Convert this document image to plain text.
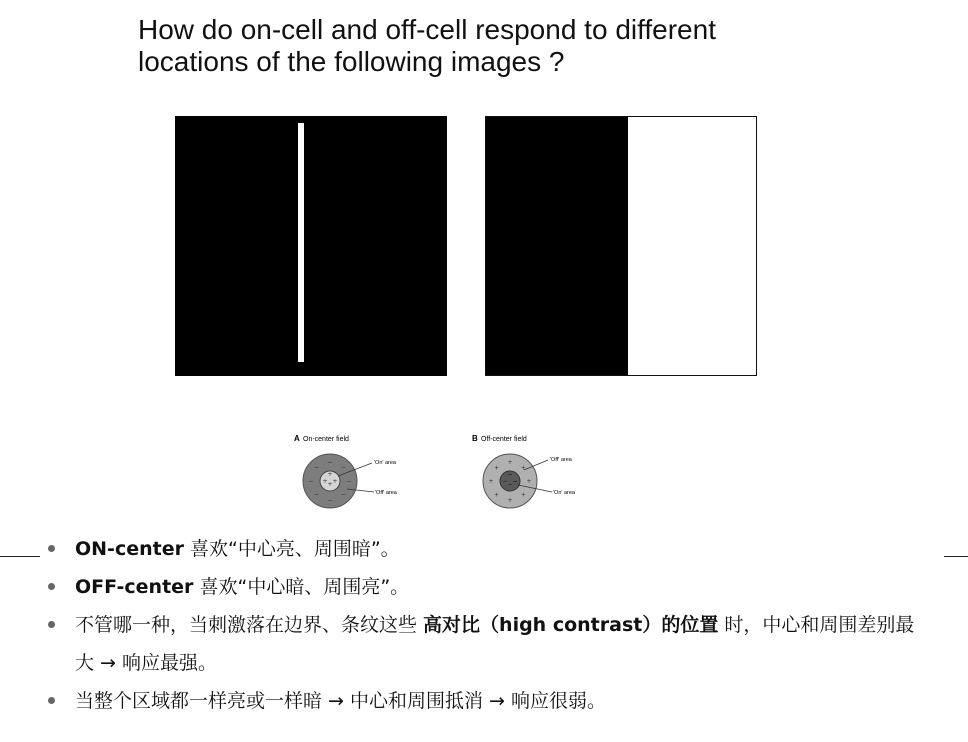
How do on-cell and off-cell respond to different
locations of the following images ?
A On-center field
+
+ +
+ −
−
−
−
−
−
−
−
'On' area
'Off' area
B Off-center field
−
− −
− +
+
+
+
+
+
+
+
'Off' area
'On' area
ON-center 喜欢“中心亮、周围暗”。
OFF-center 喜欢“中心暗、周围亮”。
不管哪一种，当刺激落在边界、条纹这些 高对比（high contrast）的位置 时，中心和周围差别最大 → 响应最强。
当整个区域都一样亮或一样暗 → 中心和周围抵消 → 响应很弱。
